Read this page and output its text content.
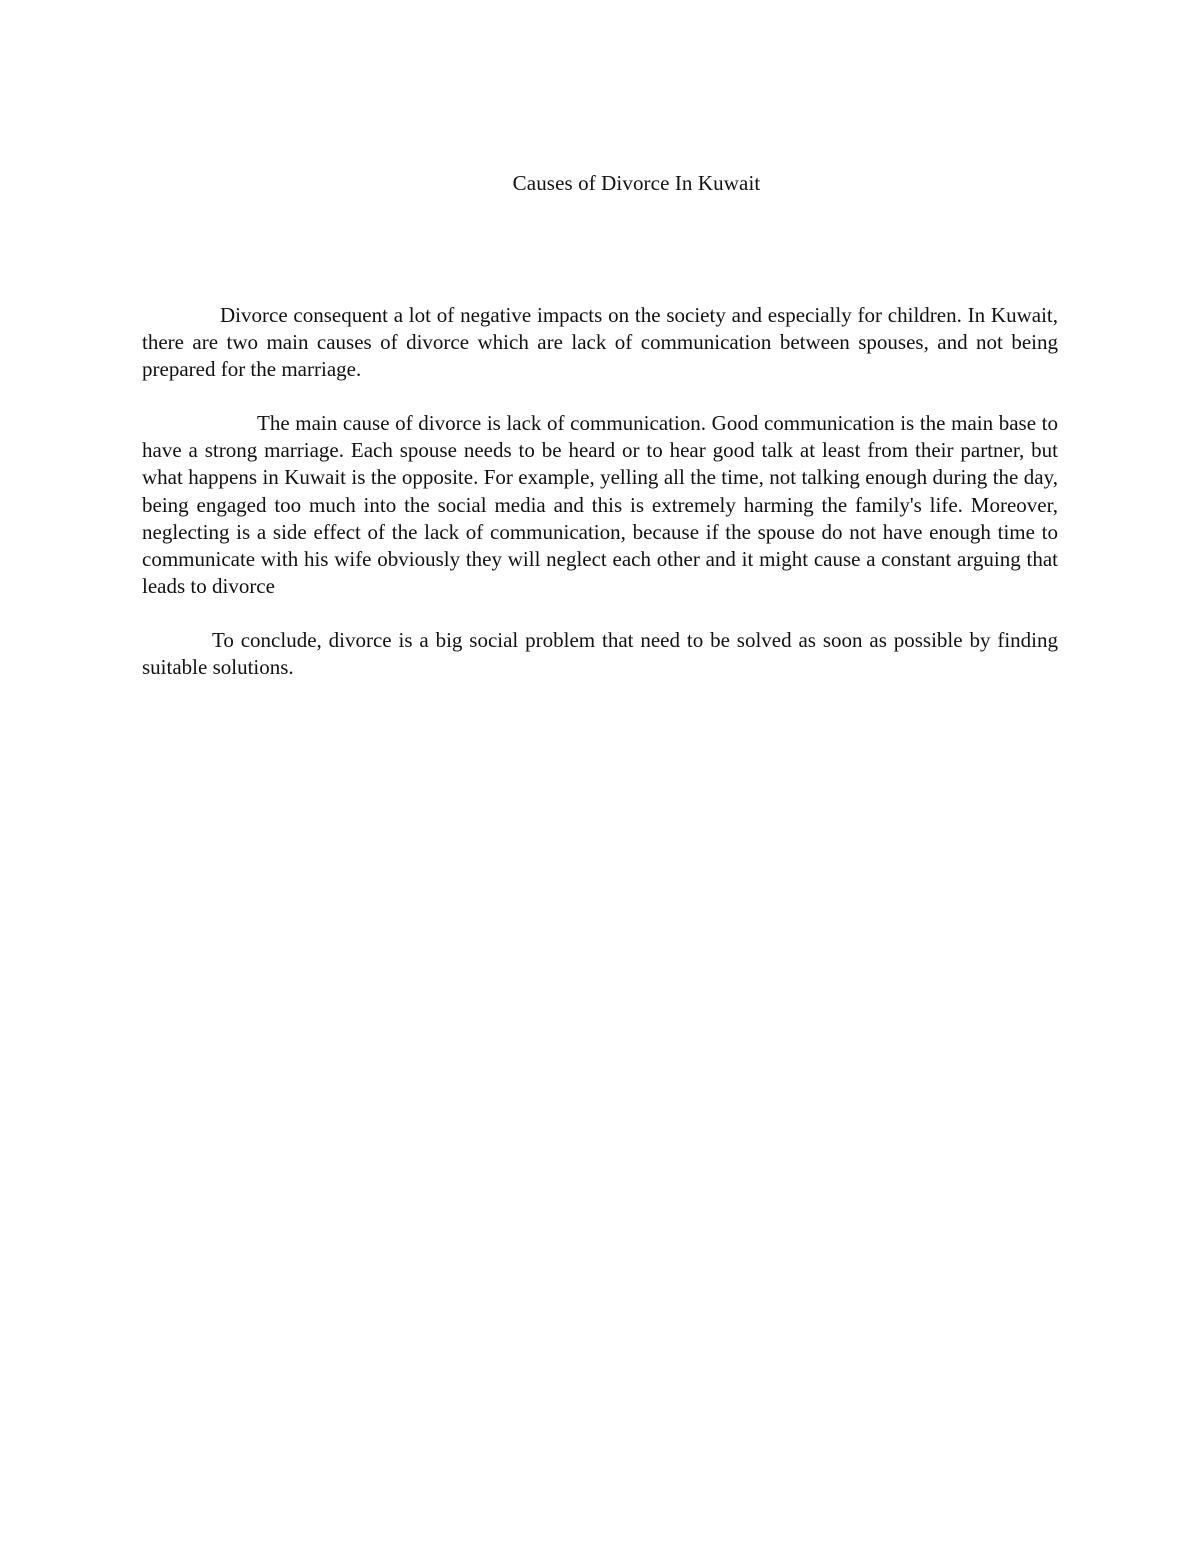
Causes of Divorce In Kuwait

Divorce consequent a lot of negative impacts on the society and especially for children. In Kuwait, there are two main causes of divorce which are lack of communication between spouses, and not being prepared for the marriage.

The main cause of divorce is lack of communication. Good communication is the main base to have a strong marriage. Each spouse needs to be heard or to hear good talk at least from their partner, but what happens in Kuwait is the opposite. For example, yelling all the time, not talking enough during the day, being engaged too much into the social media and this is extremely harming the family's life. Moreover, neglecting is a side effect of the lack of communication, because if the spouse do not have enough time to communicate with his wife obviously they will neglect each other and it might cause a constant arguing that leads to divorce

To conclude, divorce is a big social problem that need to be solved as soon as possible by finding suitable solutions.
